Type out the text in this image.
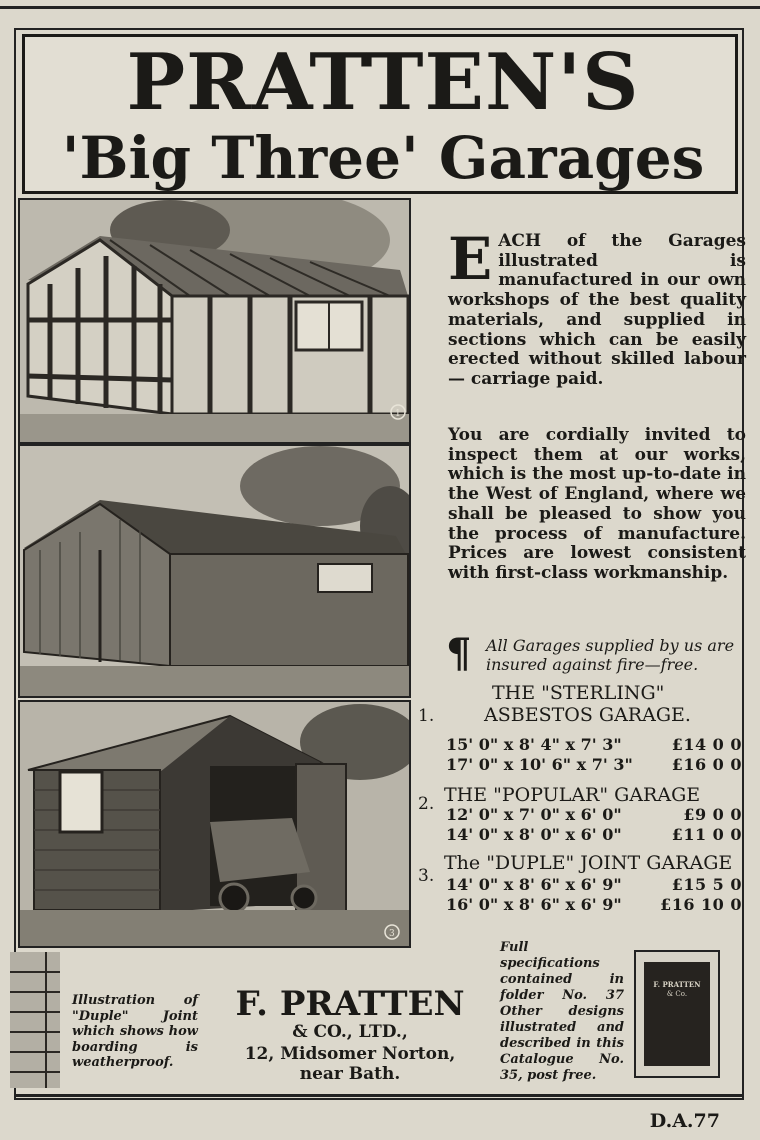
PRATTEN'S
'Big Three' Garages
1
3
EACH of the Garages illustrated is manufactured in our own workshops of the best quality materials, and supplied in sections which can be easily erected without skilled labour — carriage paid.
You are cordially invited to inspect them at our works, which is the most up-to-date in the West of England, where we shall be pleased to show you the process of manufacture. Prices are lowest consistent with first-class workmanship.
¶ All Garages supplied by us are insured against fire—free.
1.
THE "STERLING"
ASBESTOS GARAGE.
15' 0" x 8' 4" x 7' 3"	£14 0 0
17' 0" x 10' 6" x 7' 3" £16 0 0
2. THE "POPULAR" GARAGE
12' 0" x 7' 0" x 6' 0"	£9 0 0
14' 0" x 8' 0" x 6' 0"	£11 0 0
3.
The "DUPLE" JOINT GARAGE
14' 0" x 8' 6" x 6' 9"	£15 5 0
16' 0" x 8' 6" x 6' 9" £16 10 0
Illustration of "Duple" Joint which shows how boarding is weatherproof.
F. PRATTEN
& CO., LTD.,
12, Midsomer Norton,
near Bath.
Full specifications contained in folder No. 37 Other designs illustrated and described in this Catalogue No. 35, post free.
F. PRATTEN
& Co.
D.A.77
